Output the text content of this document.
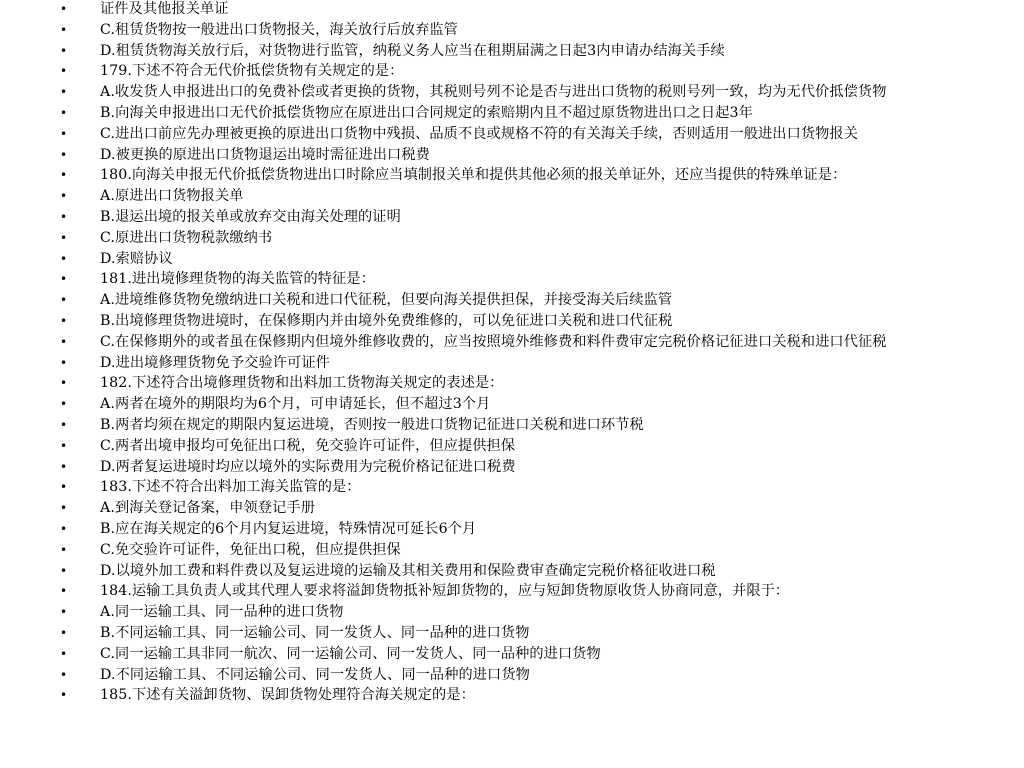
• 证件及其他报关单证
• C.租赁货物按一般进出口货物报关，海关放行后放弃监管
• D.租赁货物海关放行后，对货物进行监管，纳税义务人应当在租期届满之日起3内申请办结海关手续
• 179.下述不符合无代价抵偿货物有关规定的是：
• A.收发货人申报进出口的免费补偿或者更换的货物，其税则号列不论是否与进出口货物的税则号列一致，均为无代价抵偿货物
• B.向海关申报进出口无代价抵偿货物应在原进出口合同规定的索赔期内且不超过原货物进出口之日起3年
• C.进出口前应先办理被更换的原进出口货物中残损、品质不良或规格不符的有关海关手续，否则适用一般进出口货物报关
• D.被更换的原进出口货物退运出境时需征进出口税费
• 180.向海关申报无代价抵偿货物进出口时除应当填制报关单和提供其他必须的报关单证外，还应当提供的特殊单证是：
• A.原进出口货物报关单
• B.退运出境的报关单或放弃交由海关处理的证明
• C.原进出口货物税款缴纳书
• D.索赔协议
• 181.进出境修理货物的海关监管的特征是：
• A.进境维修货物免缴纳进口关税和进口代征税，但要向海关提供担保，并接受海关后续监管
• B.出境修理货物进境时，在保修期内并由境外免费维修的，可以免征进口关税和进口代征税
• C.在保修期外的或者虽在保修期内但境外维修收费的，应当按照境外维修费和料件费审定完税价格记征进口关税和进口代征税
• D.进出境修理货物免予交验许可证件
• 182.下述符合出境修理货物和出料加工货物海关规定的表述是：
• A.两者在境外的期限均为6个月，可申请延长，但不超过3个月
• B.两者均须在规定的期限内复运进境，否则按一般进口货物记征进口关税和进口环节税
• C.两者出境申报均可免征出口税，免交验许可证件，但应提供担保
• D.两者复运进境时均应以境外的实际费用为完税价格记征进口税费
• 183.下述不符合出料加工海关监管的是：
• A.到海关登记备案，申领登记手册
• B.应在海关规定的6个月内复运进境，特殊情况可延长6个月
• C.免交验许可证件，免征出口税，但应提供担保
• D.以境外加工费和料件费以及复运进境的运输及其相关费用和保险费审查确定完税价格征收进口税
• 184.运输工具负责人或其代理人要求将溢卸货物抵补短卸货物的，应与短卸货物原收货人协商同意，并限于：
• A.同一运输工具、同一品种的进口货物
• B.不同运输工具、同一运输公司、同一发货人、同一品种的进口货物
• C.同一运输工具非同一航次、同一运输公司、同一发货人、同一品种的进口货物
• D.不同运输工具、不同运输公司、同一发货人、同一品种的进口货物
• 185.下述有关溢卸货物、误卸货物处理符合海关规定的是：
